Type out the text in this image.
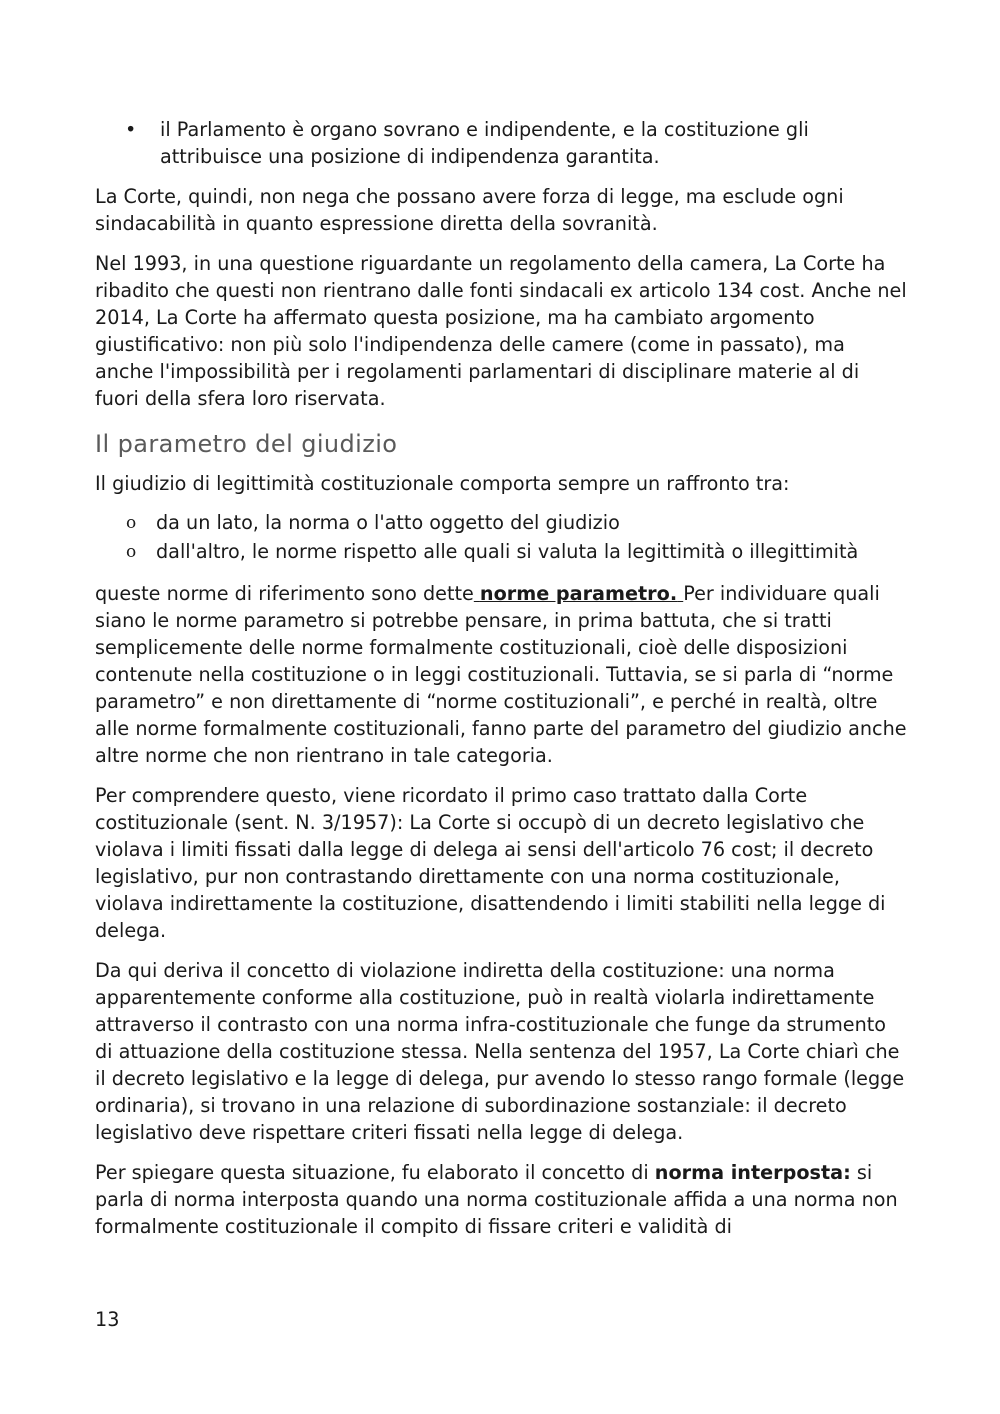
• il Parlamento è organo sovrano e indipendente, e la costituzione gli attribuisce una posizione di indipendenza garantita.

La Corte, quindi, non nega che possano avere forza di legge, ma esclude ogni sindacabilità in quanto espressione diretta della sovranità.

Nel 1993, in una questione riguardante un regolamento della camera, La Corte ha ribadito che questi non rientrano dalle fonti sindacali ex articolo 134 cost. Anche nel 2014, La Corte ha affermato questa posizione, ma ha cambiato argomento giustificativo: non più solo l'indipendenza delle camere (come in passato), ma anche l'impossibilità per i regolamenti parlamentari di disciplinare materie al di fuori della sfera loro riservata.

Il parametro del giudizio

Il giudizio di legittimità costituzionale comporta sempre un raffronto tra:

o da un lato, la norma o l'atto oggetto del giudizio
o dall'altro, le norme rispetto alle quali si valuta la legittimità o illegittimità

queste norme di riferimento sono dette norme parametro. Per individuare quali siano le norme parametro si potrebbe pensare, in prima battuta, che si tratti semplicemente delle norme formalmente costituzionali, cioè delle disposizioni contenute nella costituzione o in leggi costituzionali. Tuttavia, se si parla di “norme parametro” e non direttamente di “norme costituzionali”, e perché in realtà, oltre alle norme formalmente costituzionali, fanno parte del parametro del giudizio anche altre norme che non rientrano in tale categoria.

Per comprendere questo, viene ricordato il primo caso trattato dalla Corte costituzionale (sent. N. 3/1957): La Corte si occupò di un decreto legislativo che violava i limiti fissati dalla legge di delega ai sensi dell'articolo 76 cost; il decreto legislativo, pur non contrastando direttamente con una norma costituzionale, violava indirettamente la costituzione, disattendendo i limiti stabiliti nella legge di delega.

Da qui deriva il concetto di violazione indiretta della costituzione: una norma apparentemente conforme alla costituzione, può in realtà violarla indirettamente attraverso il contrasto con una norma infra-costituzionale che funge da strumento di attuazione della costituzione stessa. Nella sentenza del 1957, La Corte chiarì che il decreto legislativo e la legge di delega, pur avendo lo stesso rango formale (legge ordinaria), si trovano in una relazione di subordinazione sostanziale: il decreto legislativo deve rispettare criteri fissati nella legge di delega.

Per spiegare questa situazione, fu elaborato il concetto di norma interposta: si parla di norma interposta quando una norma costituzionale affida a una norma non formalmente costituzionale il compito di fissare criteri e validità di

13
